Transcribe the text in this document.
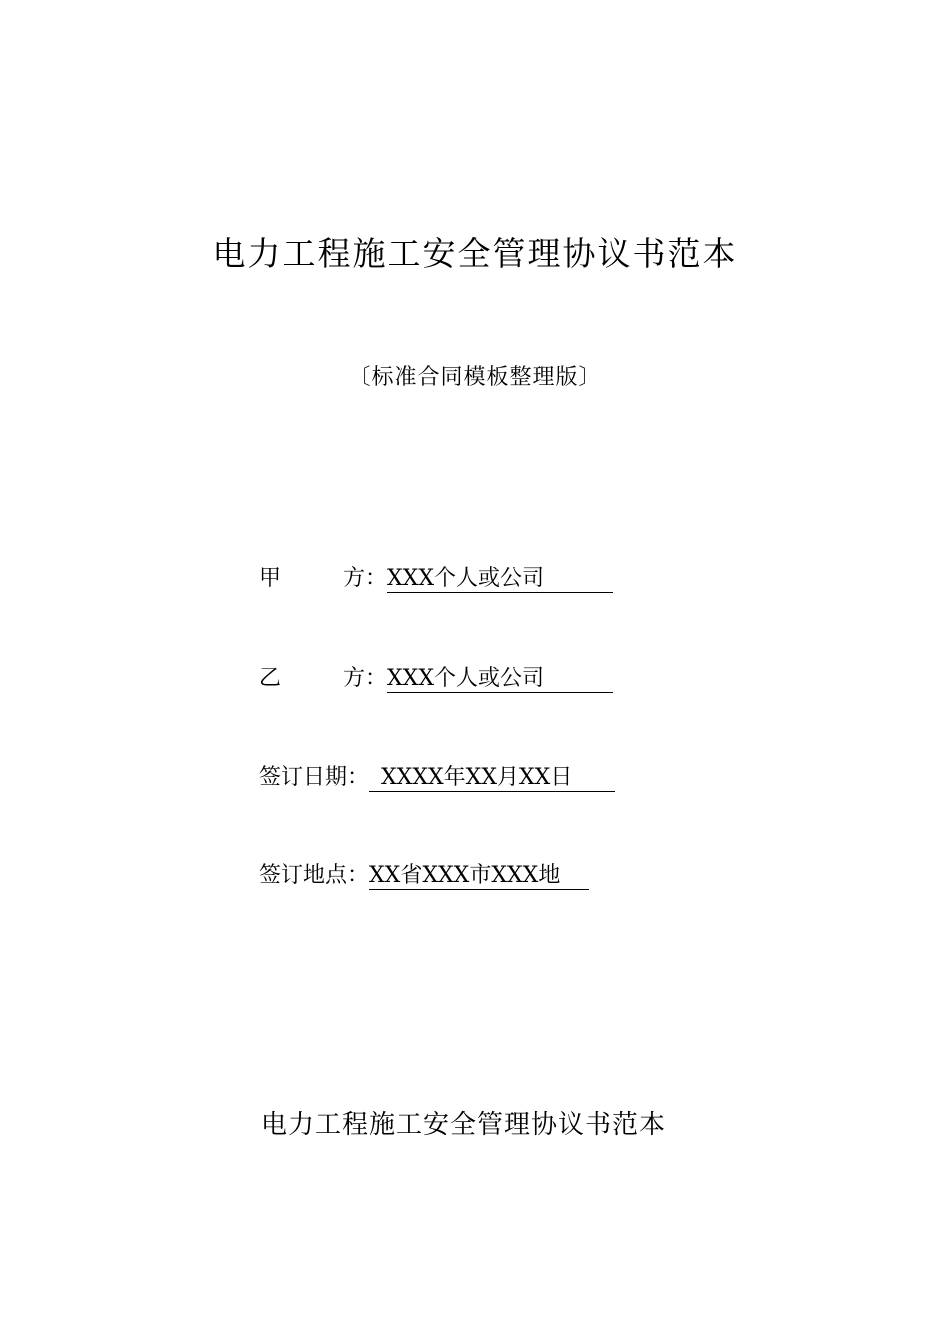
电力工程施工安全管理协议书范本
〔标准合同模板整理版〕
甲	方： XXX个人或公司
乙	方： XXX个人或公司
签订日期： XXXX年XX月XX日
签订地点： XX省XXX市XXX地
电力工程施工安全管理协议书范本
